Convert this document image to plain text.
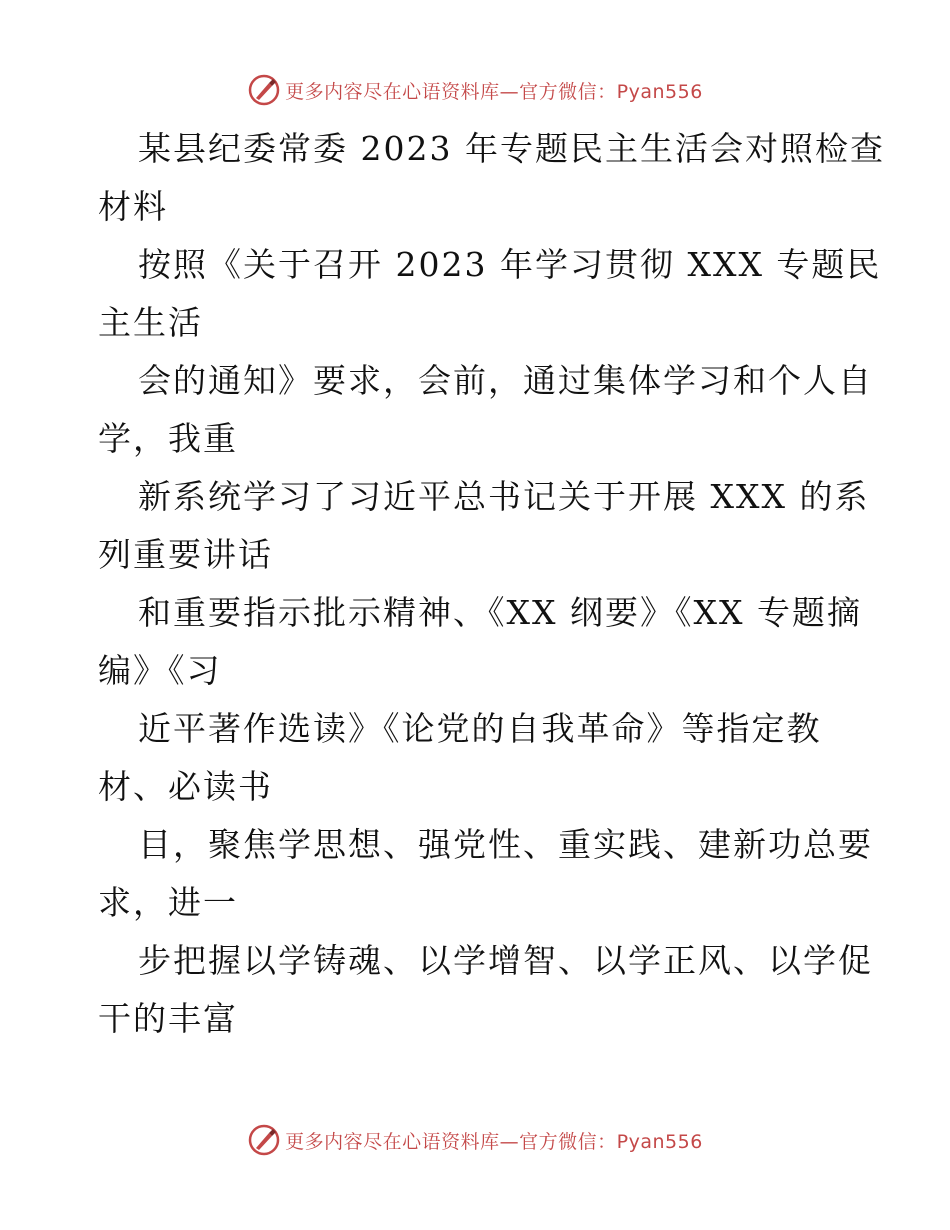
更多内容尽在心语资料库—官方微信：Pyan556
某县纪委常委 2023 年专题民主生活会对照检查
材料
按照《关于召开 2023 年学习贯彻 XXX 专题民
主生活
会的通知》要求，会前，通过集体学习和个人自
学，我重
新系统学习了习近平总书记关于开展 XXX 的系
列重要讲话
和重要指示批示精神、《XX 纲要》《XX 专题摘
编》《习
近平著作选读》《论党的自我革命》等指定教
材、必读书
目，聚焦学思想、强党性、重实践、建新功总要
求，进一
步把握以学铸魂、以学增智、以学正风、以学促
干的丰富
更多内容尽在心语资料库—官方微信：Pyan556
